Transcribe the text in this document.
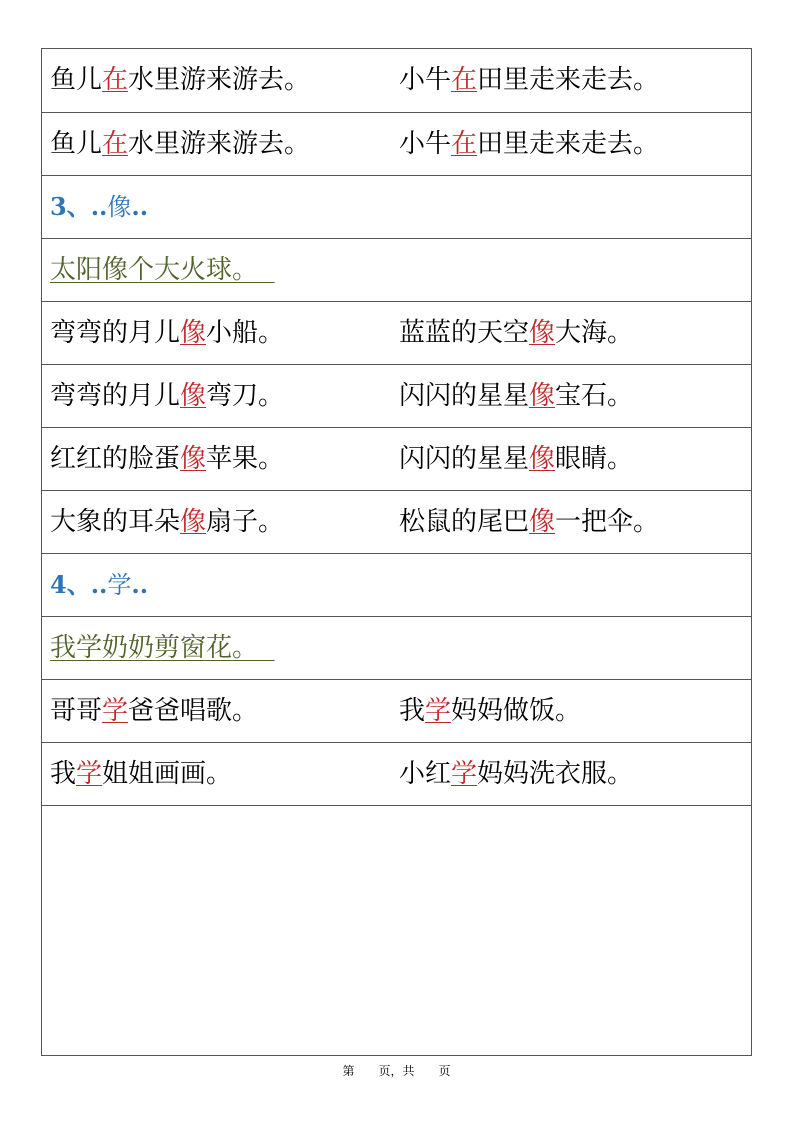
鱼儿在水里游来游去。	小牛在田里走来走去。
鱼儿在水里游来游去。	小牛在田里走来走去。
3、..像..
太阳像个大火球。
弯弯的月儿像小船。	蓝蓝的天空像大海。
弯弯的月儿像弯刀。	闪闪的星星像宝石。
红红的脸蛋像苹果。	闪闪的星星像眼睛。
大象的耳朵像扇子。	松鼠的尾巴像一把伞。
4、..学..
我学奶奶剪窗花。
哥哥学爸爸唱歌。	我学妈妈做饭。
我学姐姐画画。	小红学妈妈洗衣服。
第 页，共 页
